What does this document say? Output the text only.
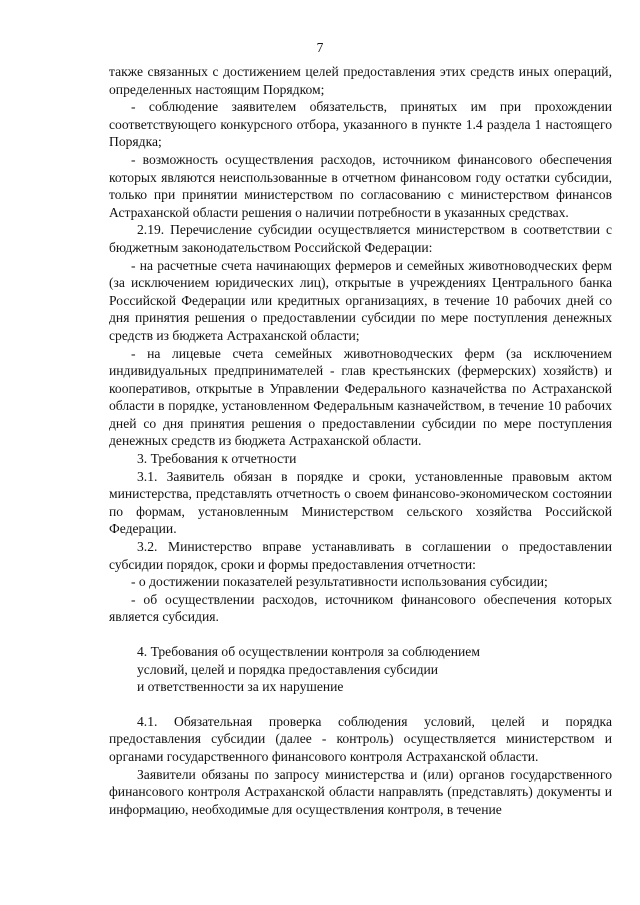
7

также связанных с достижением целей предоставления этих средств иных операций, определенных настоящим Порядком;

- соблюдение заявителем обязательств, принятых им при прохождении соответствующего конкурсного отбора, указанного в пункте 1.4 раздела 1 настоящего Порядка;

- возможность осуществления расходов, источником финансового обеспечения которых являются неиспользованные в отчетном финансовом году остатки субсидии, только при принятии министерством по согласованию с министерством финансов Астраханской области решения о наличии потребности в указанных средствах.

2.19. Перечисление субсидии осуществляется министерством в соответствии с бюджетным законодательством Российской Федерации:

- на расчетные счета начинающих фермеров и семейных животноводческих ферм (за исключением юридических лиц), открытые в учреждениях Центрального банка Российской Федерации или кредитных организациях, в течение 10 рабочих дней со дня принятия решения о предоставлении субсидии по мере поступления денежных средств из бюджета Астраханской области;

- на лицевые счета семейных животноводческих ферм (за исключением индивидуальных предпринимателей - глав крестьянских (фермерских) хозяйств) и кооперативов, открытые в Управлении Федерального казначейства по Астраханской области в порядке, установленном Федеральным казначейством, в течение 10 рабочих дней со дня принятия решения о предоставлении субсидии по мере поступления денежных средств из бюджета Астраханской области.

3. Требования к отчетности

3.1. Заявитель обязан в порядке и сроки, установленные правовым актом министерства, представлять отчетность о своем финансово-экономическом состоянии по формам, установленным Министерством сельского хозяйства Российской Федерации.

3.2. Министерство вправе устанавливать в соглашении о предоставлении субсидии порядок, сроки и формы предоставления отчетности:

- о достижении показателей результативности использования субсидии;

- об осуществлении расходов, источником финансового обеспечения которых является субсидия.

4. Требования об осуществлении контроля за соблюдением

условий, целей и порядка предоставления субсидии

и ответственности за их нарушение

4.1. Обязательная проверка соблюдения условий, целей и порядка предоставления субсидии (далее - контроль) осуществляется министерством и органами государственного финансового контроля Астраханской области.

Заявители обязаны по запросу министерства и (или) органов государственного финансового контроля Астраханской области направлять (представлять) документы и информацию, необходимые для осуществления контроля, в течение
